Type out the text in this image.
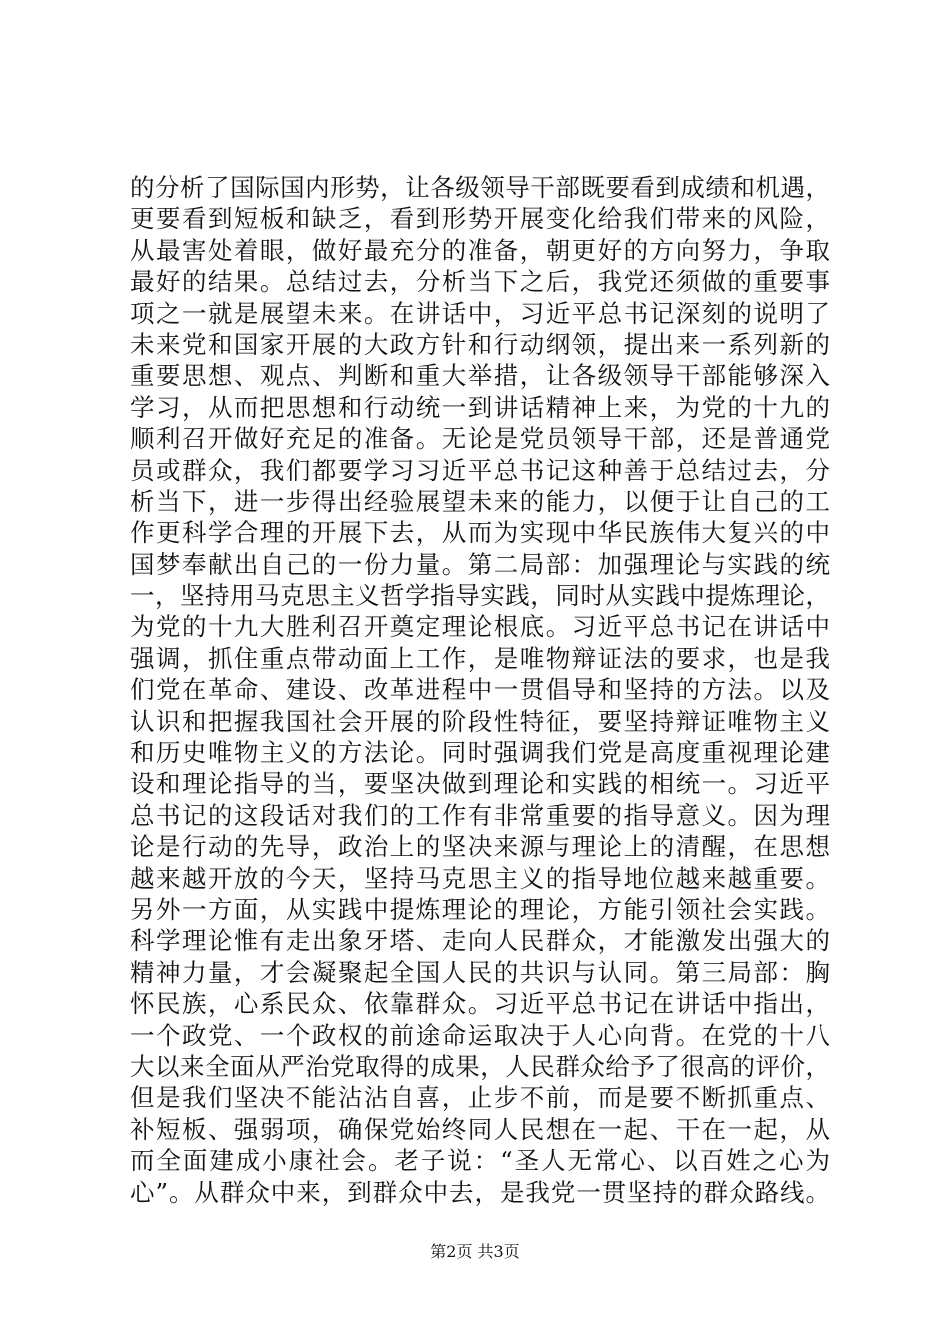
的分析了国际国内形势，让各级领导干部既要看到成绩和机遇，
更要看到短板和缺乏，看到形势开展变化给我们带来的风险，
从最害处着眼，做好最充分的准备，朝更好的方向努力，争取
最好的结果。总结过去，分析当下之后，我党还须做的重要事
项之一就是展望未来。在讲话中，习近平总书记深刻的说明了
未来党和国家开展的大政方针和行动纲领，提出来一系列新的
重要思想、观点、判断和重大举措，让各级领导干部能够深入
学习，从而把思想和行动统一到讲话精神上来，为党的十九的
顺利召开做好充足的准备。无论是党员领导干部，还是普通党
员或群众，我们都要学习习近平总书记这种善于总结过去，分
析当下，进一步得出经验展望未来的能力，以便于让自己的工
作更科学合理的开展下去，从而为实现中华民族伟大复兴的中
国梦奉献出自己的一份力量。第二局部：加强理论与实践的统
一，坚持用马克思主义哲学指导实践，同时从实践中提炼理论，
为党的十九大胜利召开奠定理论根底。习近平总书记在讲话中
强调，抓住重点带动面上工作，是唯物辩证法的要求，也是我
们党在革命、建设、改革进程中一贯倡导和坚持的方法。以及
认识和把握我国社会开展的阶段性特征，要坚持辩证唯物主义
和历史唯物主义的方法论。同时强调我们党是高度重视理论建
设和理论指导的当，要坚决做到理论和实践的相统一。习近平
总书记的这段话对我们的工作有非常重要的指导意义。因为理
论是行动的先导，政治上的坚决来源与理论上的清醒，在思想
越来越开放的今天，坚持马克思主义的指导地位越来越重要。
另外一方面，从实践中提炼理论的理论，方能引领社会实践。
科学理论惟有走出象牙塔、走向人民群众，才能激发出强大的
精神力量，才会凝聚起全国人民的共识与认同。第三局部：胸
怀民族，心系民众、依靠群众。习近平总书记在讲话中指出，
一个政党、一个政权的前途命运取决于人心向背。在党的十八
大以来全面从严治党取得的成果，人民群众给予了很高的评价，
但是我们坚决不能沾沾自喜，止步不前，而是要不断抓重点、
补短板、强弱项，确保党始终同人民想在一起、干在一起，从
而全面建成小康社会。老子说：“圣人无常心、以百姓之心为
心”。从群众中来，到群众中去，是我党一贯坚持的群众路线。
第2页 共3页
